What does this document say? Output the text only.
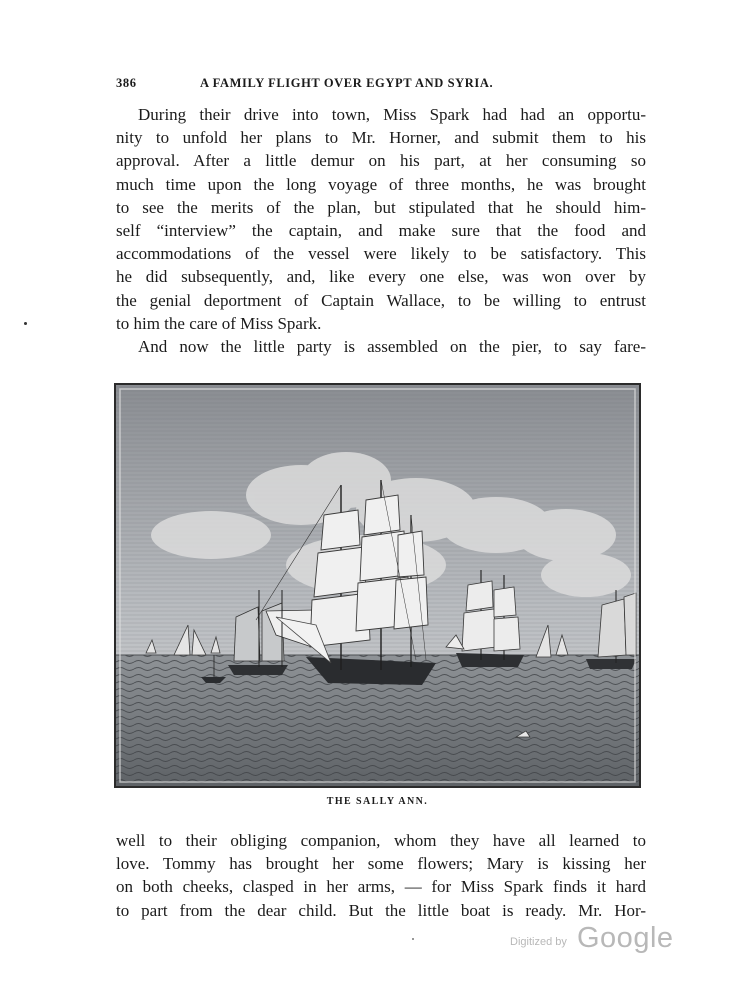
386	A FAMILY FLIGHT OVER EGYPT AND SYRIA.
During their drive into town, Miss Spark had had an opportu-
nity to unfold her plans to Mr. Horner, and submit them to his
approval. After a little demur on his part, at her consuming so
much time upon the long voyage of three months, he was brought
to see the merits of the plan, but stipulated that he should him-
self “interview” the captain, and make sure that the food and
accommodations of the vessel were likely to be satisfactory. This
he did subsequently, and, like every one else, was won over by
the genial deportment of Captain Wallace, to be willing to entrust
to him the care of Miss Spark.
And now the little party is assembled on the pier, to say fare-
THE SALLY ANN.
well to their obliging companion, whom they have all learned to
love. Tommy has brought her some flowers; Mary is kissing her
on both cheeks, clasped in her arms, — for Miss Spark finds it hard
to part from the dear child. But the little boat is ready. Mr. Hor-
Digitized by Google
